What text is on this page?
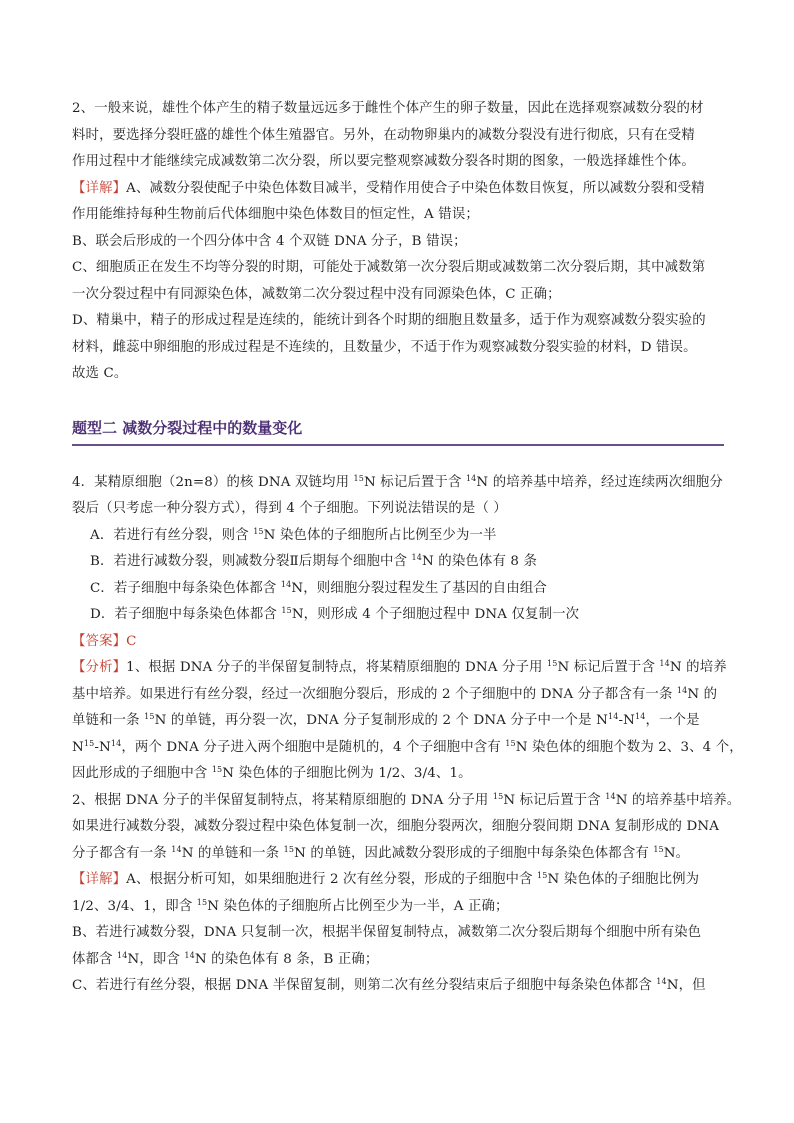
2、一般来说，雄性个体产生的精子数量远远多于雌性个体产生的卵子数量，因此在选择观察减数分裂的材
料时，要选择分裂旺盛的雄性个体生殖器官。另外，在动物卵巢内的减数分裂没有进行彻底，只有在受精
作用过程中才能继续完成减数第二次分裂，所以要完整观察减数分裂各时期的图象，一般选择雄性个体。
【详解】A、减数分裂使配子中染色体数目减半，受精作用使合子中染色体数目恢复，所以减数分裂和受精
作用能维持每种生物前后代体细胞中染色体数目的恒定性，A 错误；
B、联会后形成的一个四分体中含 4 个双链 DNA 分子，B 错误；
C、细胞质正在发生不均等分裂的时期，可能处于减数第一次分裂后期或减数第二次分裂后期，其中减数第
一次分裂过程中有同源染色体，减数第二次分裂过程中没有同源染色体，C 正确；
D、精巢中，精子的形成过程是连续的，能统计到各个时期的细胞且数量多，适于作为观察减数分裂实验的
材料，雌蕊中卵细胞的形成过程是不连续的，且数量少，不适于作为观察减数分裂实验的材料，D 错误。
故选 C。
题型二 减数分裂过程中的数量变化
4．某精原细胞（2n=8）的核 DNA 双链均用 $^{15}$N 标记后置于含 $^{14}$N 的培养基中培养，经过连续两次细胞分
裂后（只考虑一种分裂方式），得到 4 个子细胞。下列说法错误的是（ ）
A．若进行有丝分裂，则含 $^{15}$N 染色体的子细胞所占比例至少为一半
B．若进行减数分裂，则减数分裂Ⅱ后期每个细胞中含 $^{14}$N 的染色体有 8 条
C．若子细胞中每条染色体都含 $^{14}$N，则细胞分裂过程发生了基因的自由组合
D．若子细胞中每条染色体都含 $^{15}$N，则形成 4 个子细胞过程中 DNA 仅复制一次
【答案】C
【分析】1、根据 DNA 分子的半保留复制特点，将某精原细胞的 DNA 分子用 $^{15}$N 标记后置于含 $^{14}$N 的培养
基中培养。如果进行有丝分裂，经过一次细胞分裂后，形成的 2 个子细胞中的 DNA 分子都含有一条 $^{14}$N 的
单链和一条 $^{15}$N 的单链，再分裂一次，DNA 分子复制形成的 2 个 DNA 分子中一个是 $N^{14}-N^{14}$，一个是
$N^{15}-N^{14}$，两个 DNA 分子进入两个细胞中是随机的，4 个子细胞中含有 $^{15}$N 染色体的细胞个数为 2、3、4 个，
因此形成的子细胞中含 $^{15}$N 染色体的子细胞比例为 1/2、3/4、1。
2、根据 DNA 分子的半保留复制特点，将某精原细胞的 DNA 分子用 $^{15}$N 标记后置于含 $^{14}$N 的培养基中培养。
如果进行减数分裂，减数分裂过程中染色体复制一次，细胞分裂两次，细胞分裂间期 DNA 复制形成的 DNA
分子都含有一条 $^{14}$N 的单链和一条 $^{15}$N 的单链，因此减数分裂形成的子细胞中每条染色体都含有 $^{15}$N。
【详解】A、根据分析可知，如果细胞进行 2 次有丝分裂，形成的子细胞中含 $^{15}$N 染色体的子细胞比例为
1/2、3/4、1，即含 $^{15}$N 染色体的子细胞所占比例至少为一半，A 正确；
B、若进行减数分裂，DNA 只复制一次，根据半保留复制特点，减数第二次分裂后期每个细胞中所有染色
体都含 $^{14}$N，即含 $^{14}$N 的染色体有 8 条，B 正确；
C、若进行有丝分裂，根据 DNA 半保留复制，则第二次有丝分裂结束后子细胞中每条染色体都含 $^{14}$N，但
